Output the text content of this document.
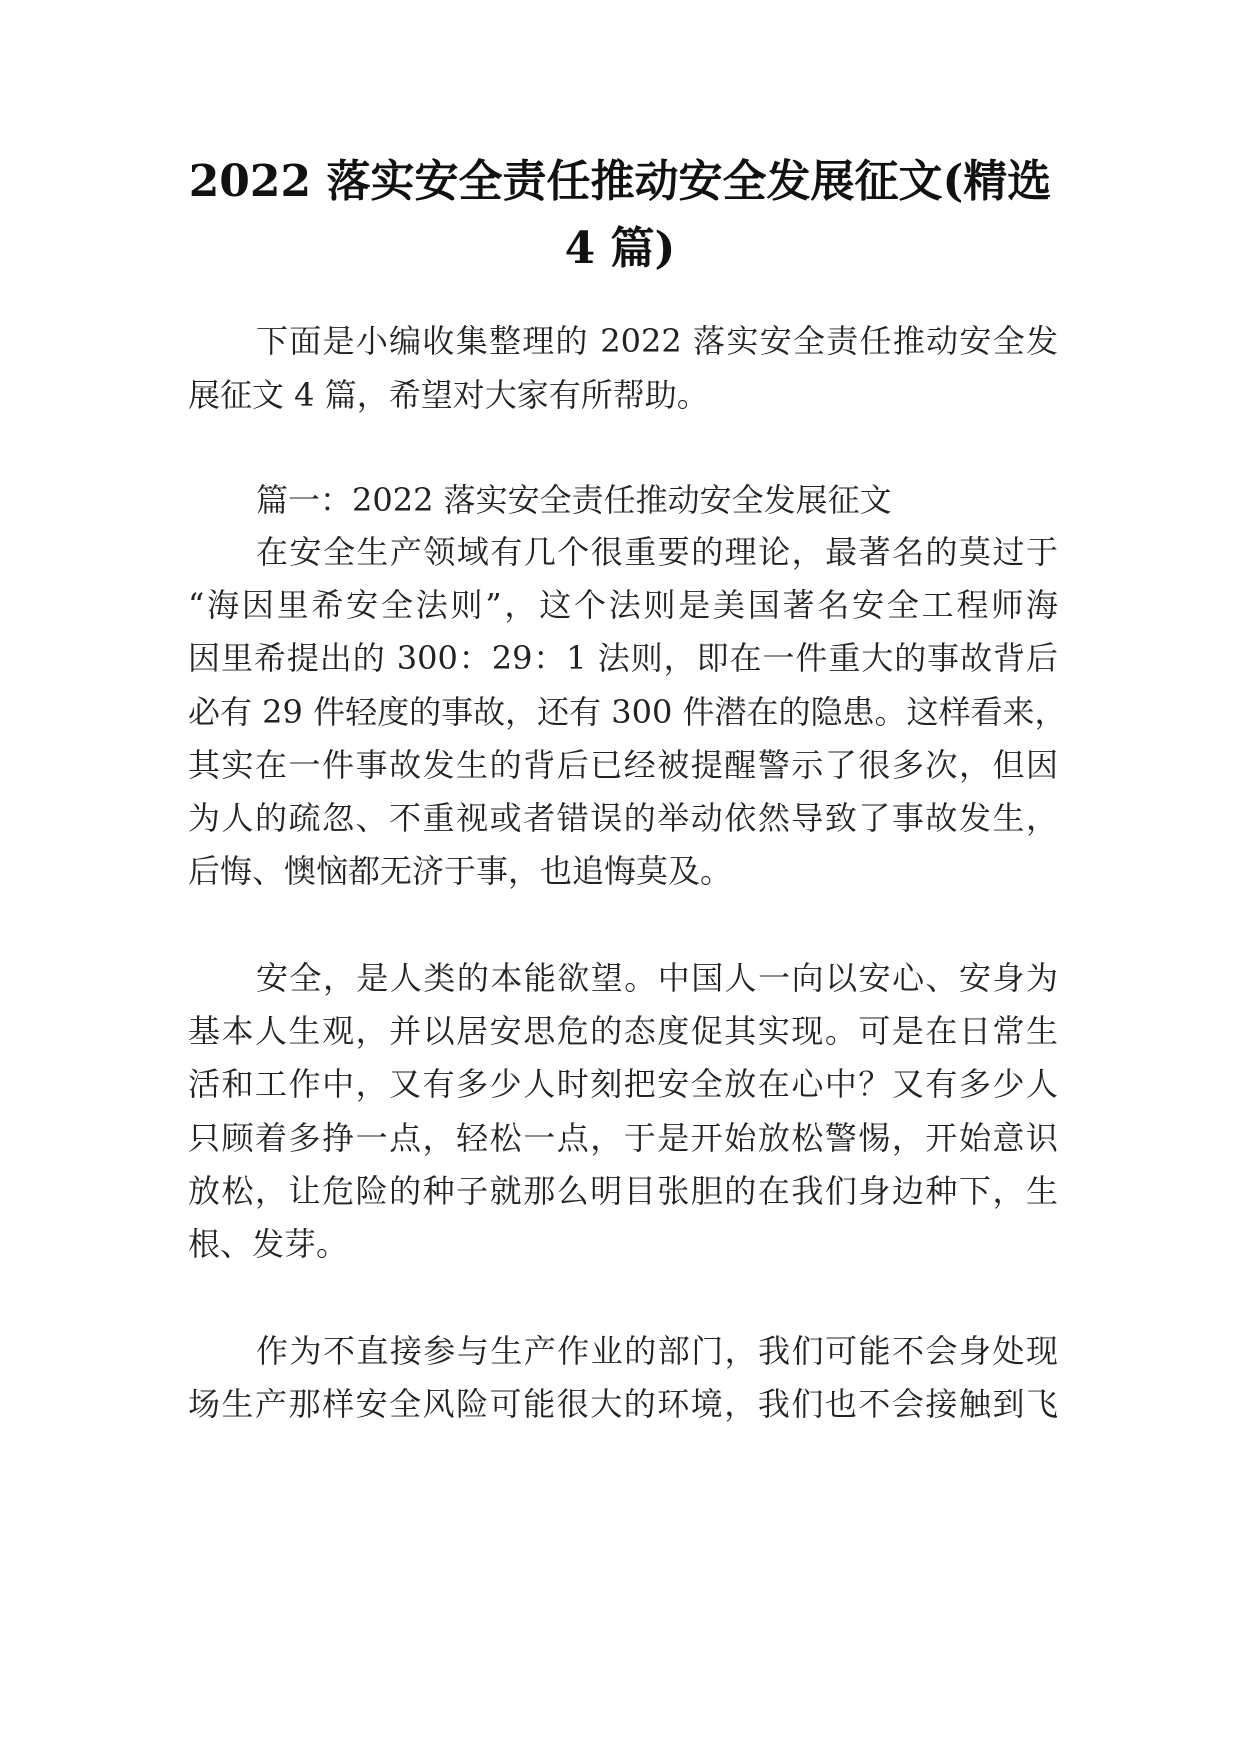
2022 落实安全责任推动安全发展征文(精选
4 篇)
下面是小编收集整理的 2022 落实安全责任推动安全发
展征文 4 篇，希望对大家有所帮助。
篇一：2022 落实安全责任推动安全发展征文
在安全生产领域有几个很重要的理论，最著名的莫过于
“海因里希安全法则”，这个法则是美国著名安全工程师海
因里希提出的 300：29：1 法则，即在一件重大的事故背后
必有 29 件轻度的事故，还有 300 件潜在的隐患。这样看来，
其实在一件事故发生的背后已经被提醒警示了很多次，但因
为人的疏忽、不重视或者错误的举动依然导致了事故发生，
后悔、懊恼都无济于事，也追悔莫及。
安全，是人类的本能欲望。中国人一向以安心、安身为
基本人生观，并以居安思危的态度促其实现。可是在日常生
活和工作中，又有多少人时刻把安全放在心中？又有多少人
只顾着多挣一点，轻松一点，于是开始放松警惕，开始意识
放松，让危险的种子就那么明目张胆的在我们身边种下，生
根、发芽。
作为不直接参与生产作业的部门，我们可能不会身处现
场生产那样安全风险可能很大的环境，我们也不会接触到飞
